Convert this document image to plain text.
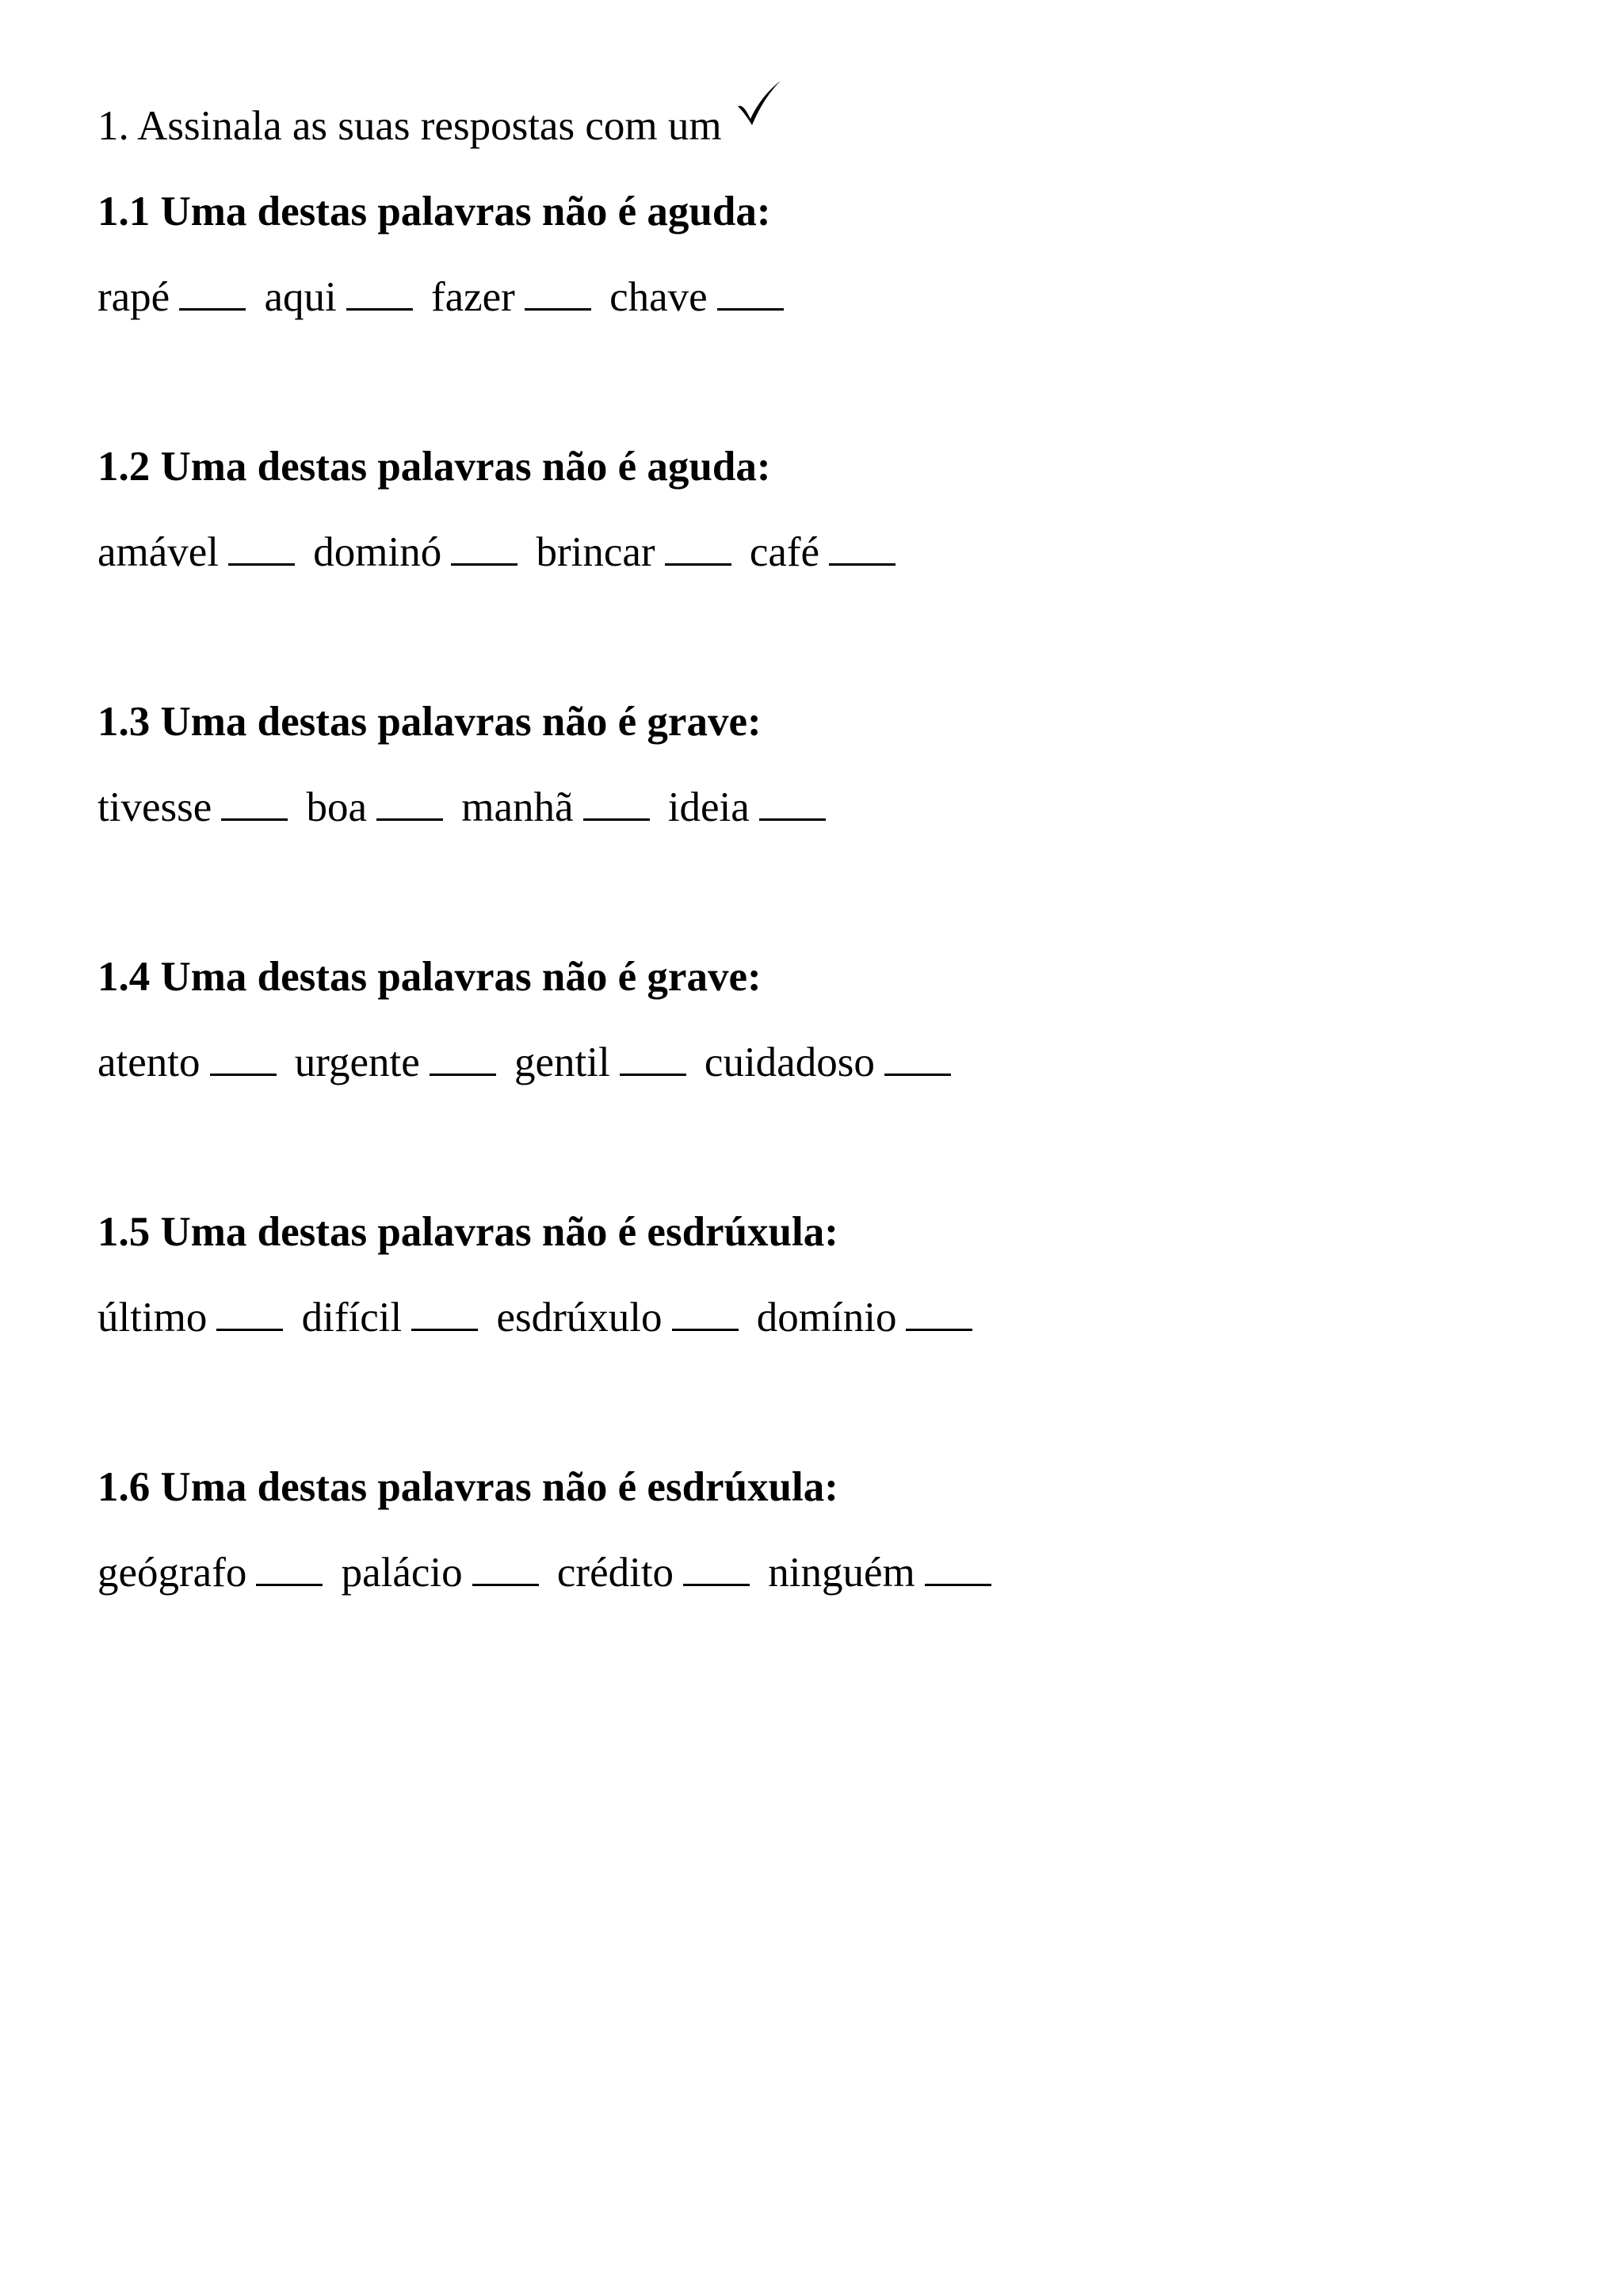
1. Assinala as suas respostas com um

1.1 Uma destas palavras não é aguda:

rapé aqui fazer chave

1.2 Uma destas palavras não é aguda:

amável dominó brincar café

1.3 Uma destas palavras não é grave:

tivesse boa manhã ideia

1.4 Uma destas palavras não é grave:

atento urgente gentil cuidadoso

1.5 Uma destas palavras não é esdrúxula:

último difícil esdrúxulo domínio

1.6 Uma destas palavras não é esdrúxula:

geógrafo palácio crédito ninguém
